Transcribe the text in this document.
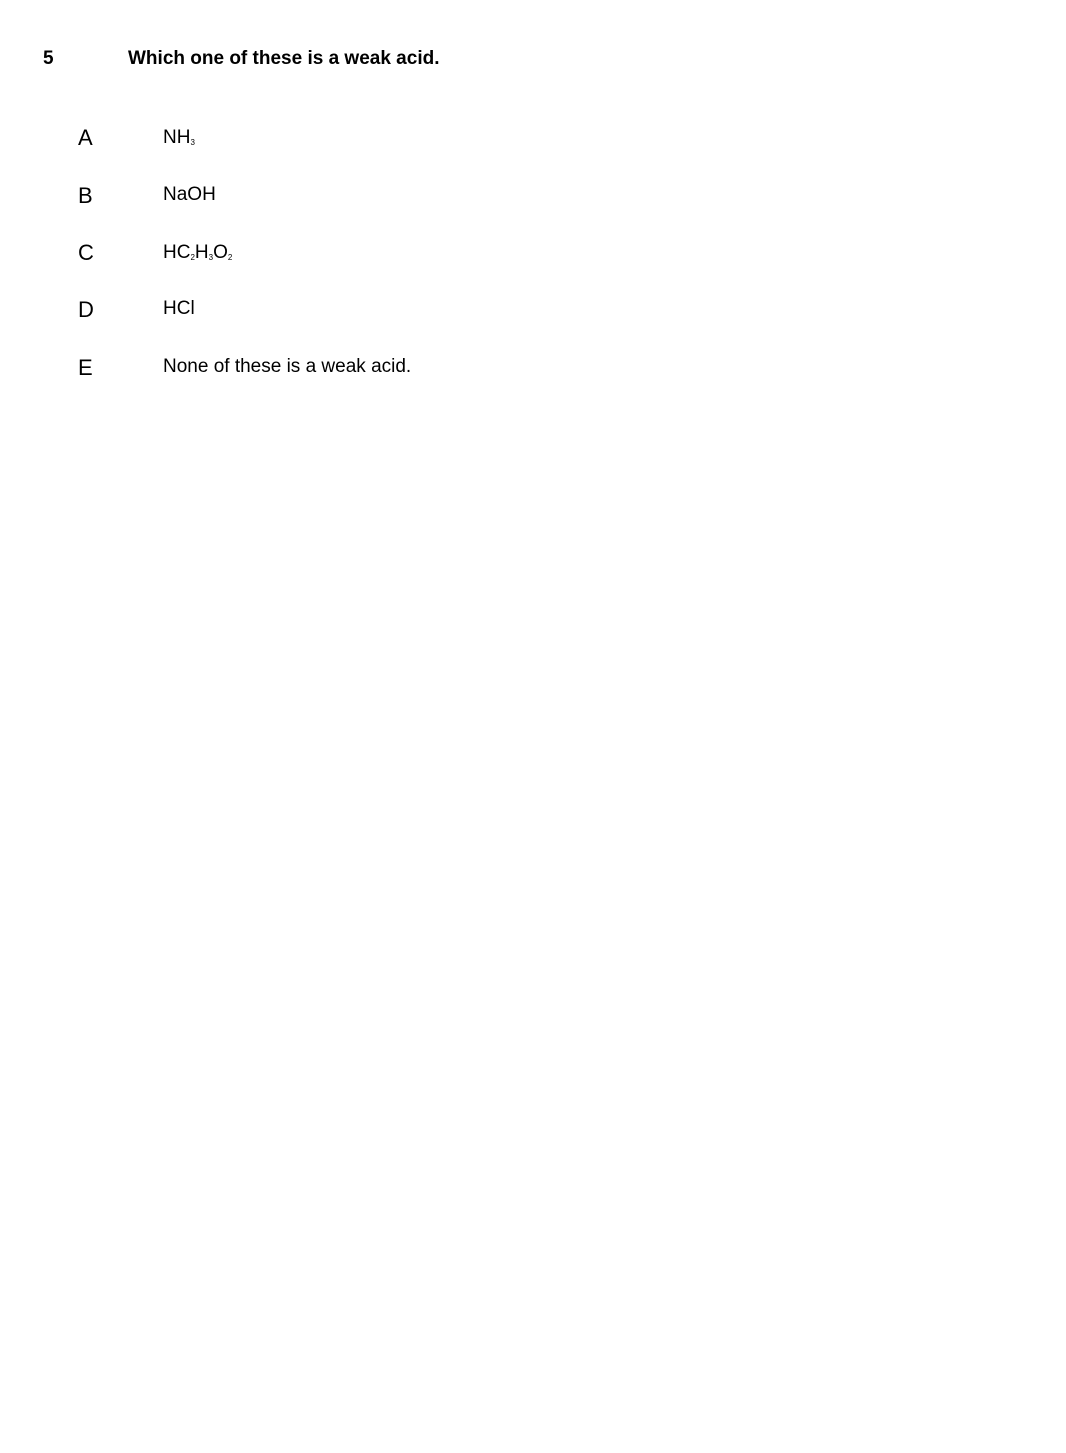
5	Which one of these is a weak acid.
A	$NH_3$
B	NaOH
C	$HC_2H_3O_2$
D	HCl
E	None of these is a weak acid.
